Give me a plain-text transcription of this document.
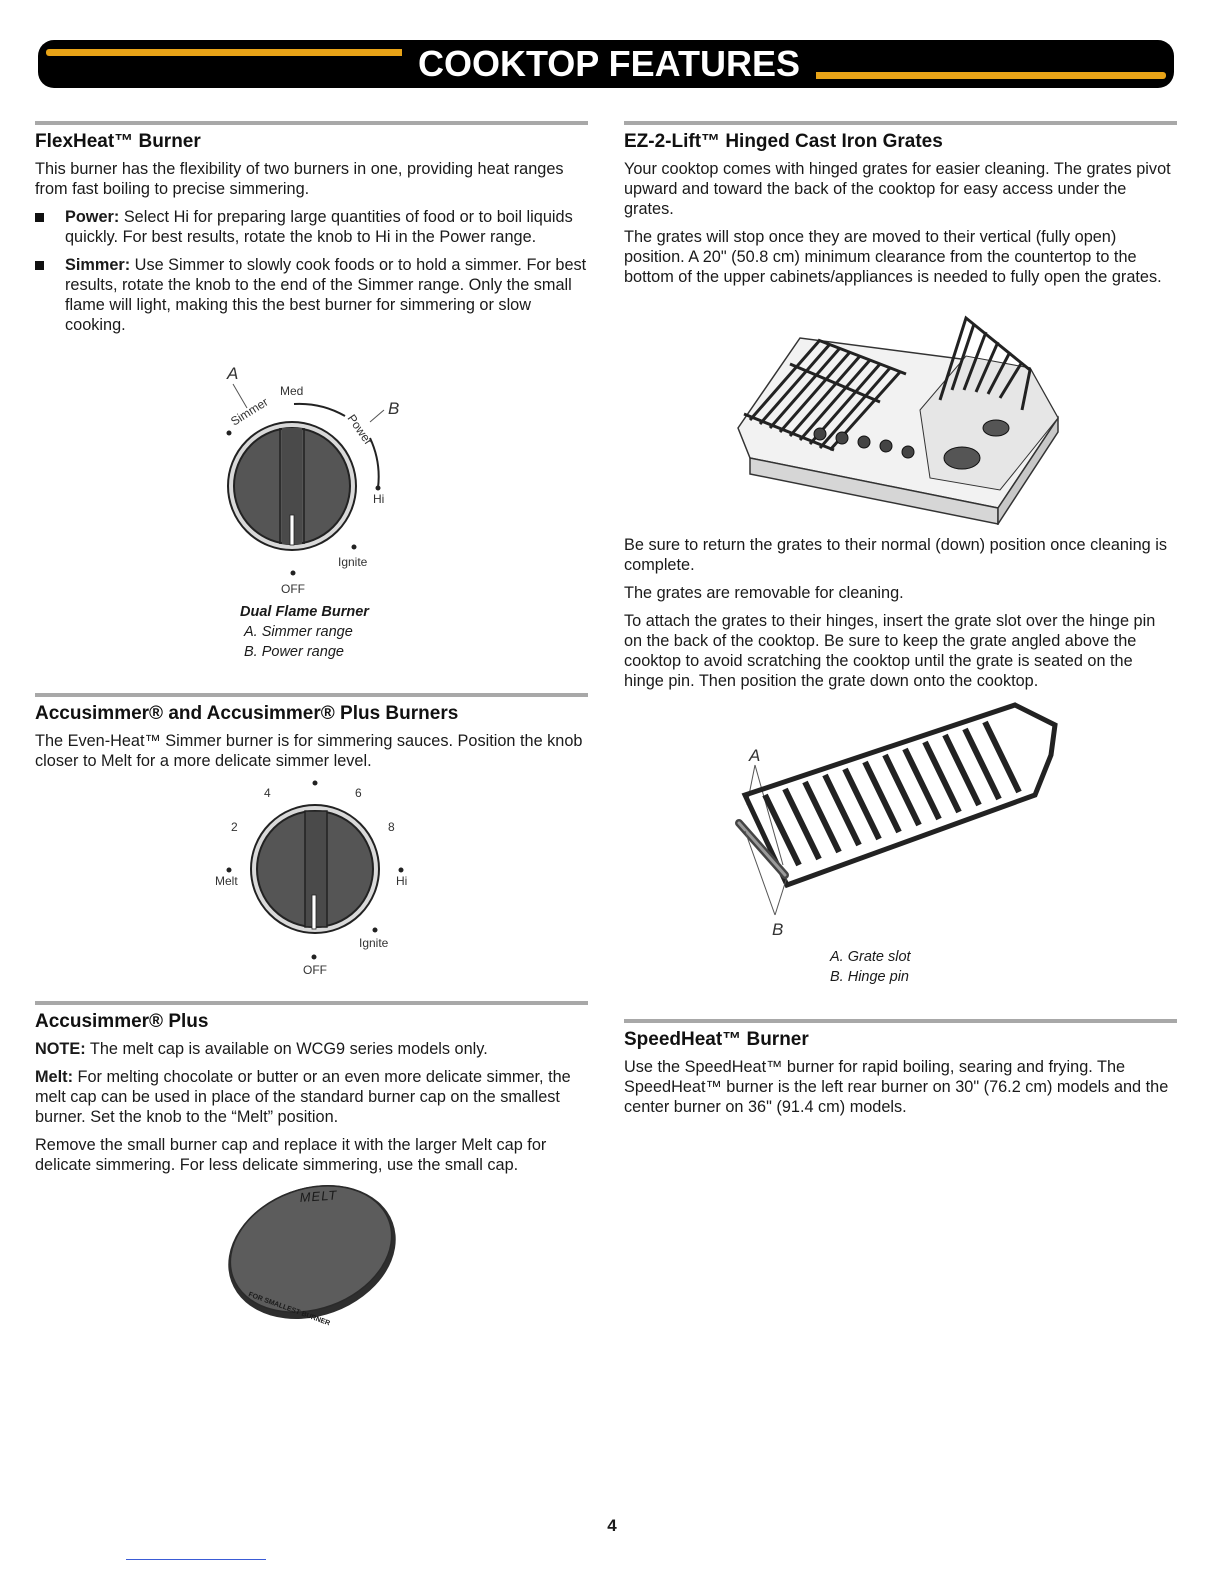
COOKTOP FEATURES
FlexHeat™ Burner

This burner has the flexibility of two burners in one, providing heat ranges from fast boiling to precise simmering.

Power: Select Hi for preparing large quantities of food or to boil liquids quickly. For best results, rotate the knob to Hi in the Power range.
Simmer: Use Simmer to slowly cook foods or to hold a simmer. For best results, rotate the knob to the end of the Simmer range. Only the small flame will light, making this the best burner for simmering or slow cooking.
A
B
Med
Simmer
Power
Hi
Ignite
OFF
Dual Flame Burner
A. Simmer range
B. Power range
Accusimmer® and Accusimmer® Plus Burners

The Even-Heat™ Simmer burner is for simmering sauces. Position the knob closer to Melt for a more delicate simmer level.

4	6
2	8
Melt	Hi
Ignite
OFF
Accusimmer® Plus

NOTE: The melt cap is available on WCG9 series models only.

Melt: For melting chocolate or butter or an even more delicate simmer, the melt cap can be used in place of the standard burner cap on the smallest burner. Set the knob to the “Melt” position.

Remove the small burner cap and replace it with the larger Melt cap for delicate simmering. For less delicate simmering, use the small cap.

MELT
FOR SMALLEST BURNER
EZ-2-Lift™ Hinged Cast Iron Grates

Your cooktop comes with hinged grates for easier cleaning. The grates pivot upward and toward the back of the cooktop for easy access under the grates.

The grates will stop once they are moved to their vertical (fully open) position. A 20" (50.8 cm) minimum clearance from the countertop to the bottom of the upper cabinets/appliances is needed to fully open the grates.

Be sure to return the grates to their normal (down) position once cleaning is complete.

The grates are removable for cleaning.

To attach the grates to their hinges, insert the grate slot over the hinge pin on the back of the cooktop. Be sure to keep the grate angled above the cooktop to avoid scratching the cooktop until the grate is seated on the hinge pin. Then position the grate down onto the cooktop.

A
B
A. Grate slot
B. Hinge pin
SpeedHeat™ Burner

Use the SpeedHeat™ burner for rapid boiling, searing and frying. The SpeedHeat™ burner is the left rear burner on 30" (76.2 cm) models and the center burner on 36" (91.4 cm) models.

4
